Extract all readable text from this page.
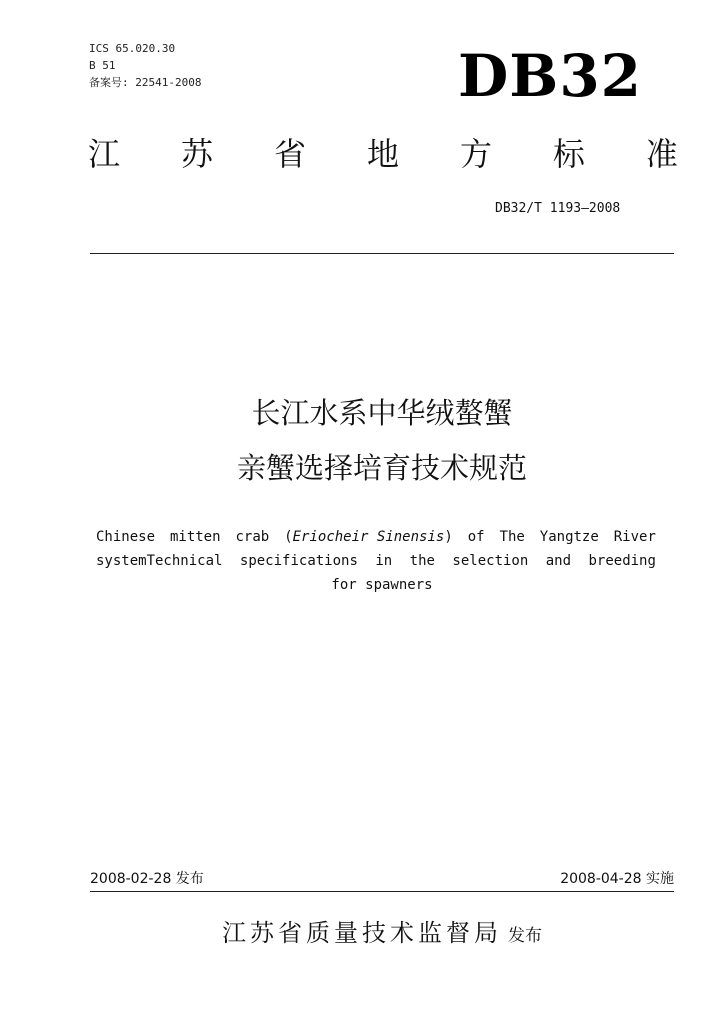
ICS 65.020.30
B 51
备案号: 22541-2008	DB32
江 苏 省 地 方 标 准
DB32/T 1193—2008
长江水系中华绒螯蟹
亲蟹选择培育技术规范
Chinese mitten crab (Eriocheir Sinensis) of The Yangtze River
systemTechnical specifications in the selection and breeding
for spawners
2008-02-28 发布	2008-04-28 实施
江苏省质量技术监督局 发布
